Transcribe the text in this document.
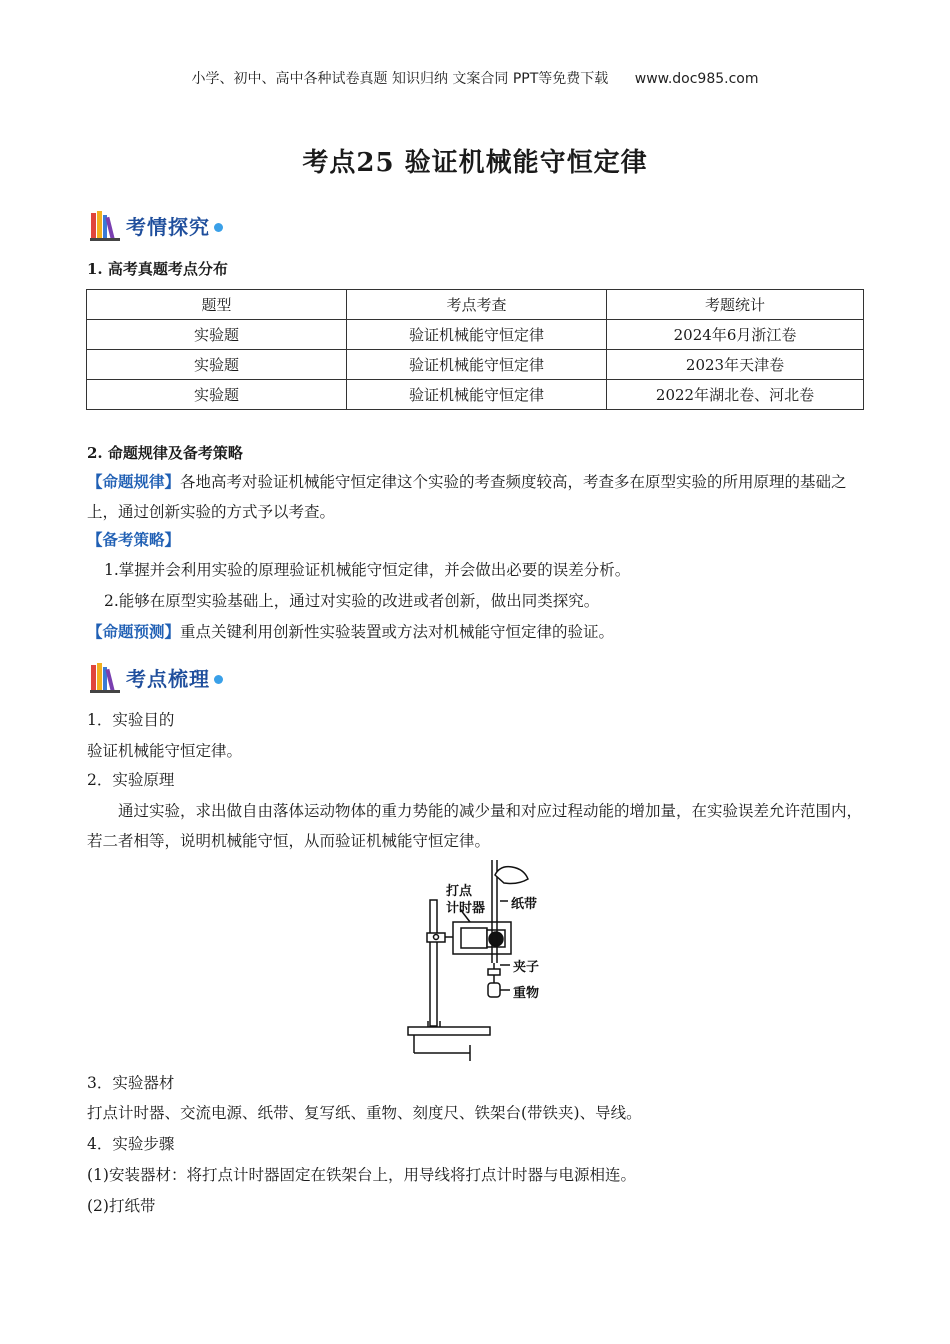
小学、初中、高中各种试卷真题 知识归纳 文案合同 PPT等免费下载 www.doc985.com
考点25 验证机械能守恒定律
考情探究
1. 高考真题考点分布
题型	考点考查	考题统计
实验题	验证机械能守恒定律	2024年6月浙江卷
实验题	验证机械能守恒定律	2023年天津卷
实验题	验证机械能守恒定律	2022年湖北卷、河北卷
2. 命题规律及备考策略
【命题规律】各地高考对验证机械能守恒定律这个实验的考查频度较高，考查多在原型实验的所用原理的基础之上，通过创新实验的方式予以考查。
【备考策略】
1.掌握并会利用实验的原理验证机械能守恒定律，并会做出必要的误差分析。
2.能够在原型实验基础上，通过对实验的改进或者创新，做出同类探究。
【命题预测】重点关键利用创新性实验装置或方法对机械能守恒定律的验证。
考点梳理
1．实验目的
验证机械能守恒定律。
2．实验原理
通过实验，求出做自由落体运动物体的重力势能的减少量和对应过程动能的增加量，在实验误差允许范围内，若二者相等，说明机械能守恒，从而验证机械能守恒定律。
打点
计时器 纸带
夹子
重物
3．实验器材
打点计时器、交流电源、纸带、复写纸、重物、刻度尺、铁架台(带铁夹)、导线。
4．实验步骤
(1)安装器材：将打点计时器固定在铁架台上，用导线将打点计时器与电源相连。
(2)打纸带
